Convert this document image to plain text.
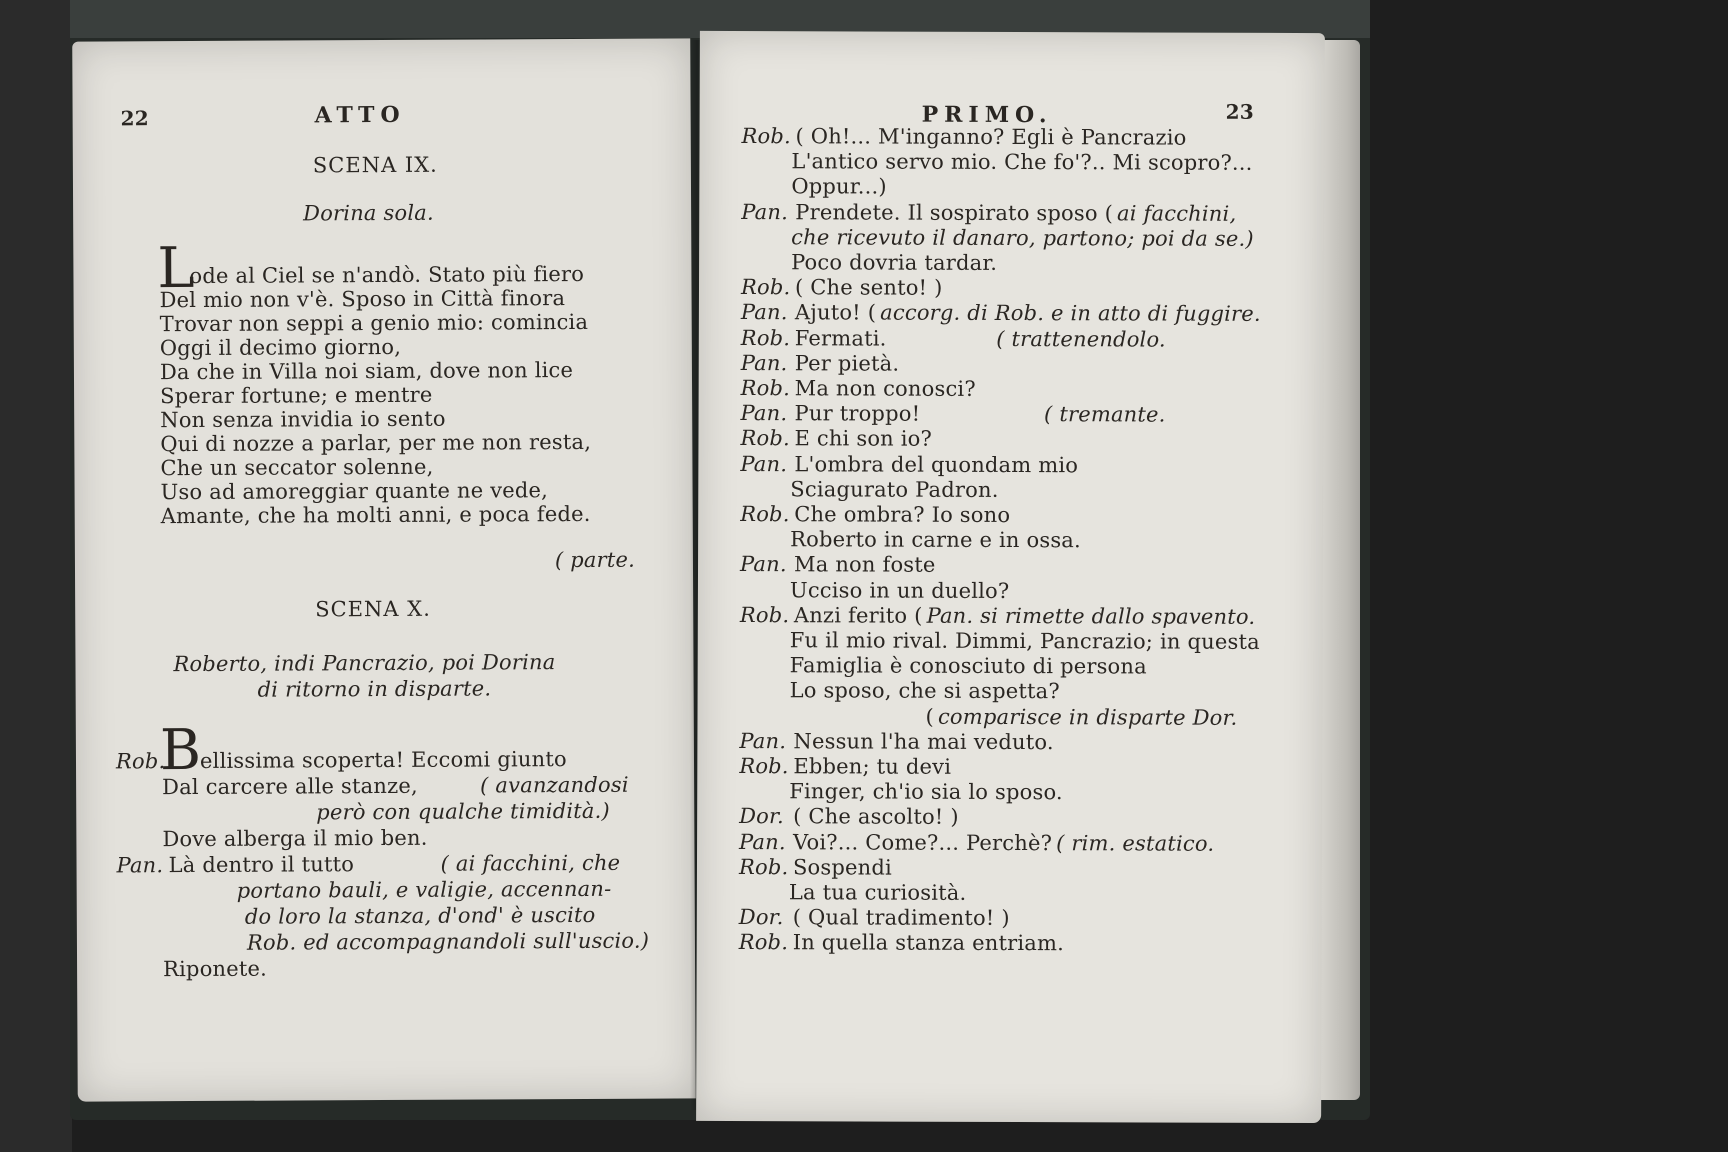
22	ATTO
SCENA IX.
Dorina sola.
L
ode al Ciel se n'andò. Stato più fiero
Del mio non v'è. Sposo in Città finora
Trovar non seppi a genio mio: comincia
Oggi il decimo giorno,
Da che in Villa noi siam, dove non lice
Sperar fortune; e mentre
Non senza invidia io sento
Qui di nozze a parlar, per me non resta,
Che un seccator solenne,
Uso ad amoreggiar quante ne vede,
Amante, che ha molti anni, e poca fede.
( parte.
SCENA X.
Roberto, indi Pancrazio, poi Dorina
di ritorno in disparte.
Rob.
B
ellissima scoperta! Eccomi giunto
Dal carcere alle stanze,	( avanzandosi
però con qualche timidità.)
Dove alberga il mio ben.
Pan. Là dentro il tutto	( ai facchini, che
portano bauli, e valigie, accennan-
do loro la stanza, d'ond' è uscito
Rob. ed accompagnandoli sull'uscio.)
Riponete.
PRIMO.	23
Rob. ( Oh!... M'inganno? Egli è Pancrazio
L'antico servo mio. Che fo'?.. Mi scopro?...
Oppur...)
Pan. Prendete. Il sospirato sposo ( ai facchini,
che ricevuto il danaro, partono; poi da se.)
Poco dovria tardar.
Rob. ( Che sento! )
Pan. Ajuto! ( accorg. di Rob. e in atto di fuggire.
Rob. Fermati.	( trattenendolo.
Pan. Per pietà.
Rob. Ma non conosci?
Pan. Pur troppo!	( tremante.
Rob. E chi son io?
Pan. L'ombra del quondam mio
Sciagurato Padron.
Rob. Che ombra? Io sono
Roberto in carne e in ossa.
Pan. Ma non foste
Ucciso in un duello?
Rob. Anzi ferito ( Pan. si rimette dallo spavento.
Fu il mio rival. Dimmi, Pancrazio; in questa
Famiglia è conosciuto di persona
Lo sposo, che si aspetta?
( comparisce in disparte Dor.
Pan. Nessun l'ha mai veduto.
Rob. Ebben; tu devi
Finger, ch'io sia lo sposo.
Dor. ( Che ascolto! )
Pan. Voi?... Come?... Perchè? ( rim. estatico.
Rob. Sospendi
La tua curiosità.
Dor. ( Qual tradimento! )
Rob. In quella stanza entriam.
